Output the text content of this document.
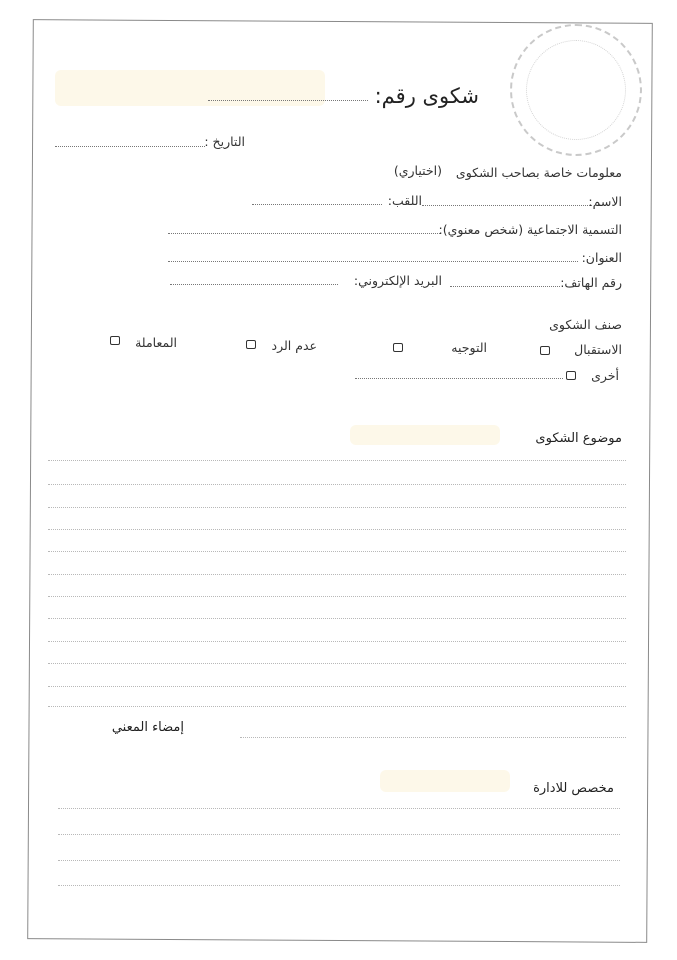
شكوى رقم:
التاريخ :
معلومات خاصة بصاحب الشكوى
(اختياري)
الاسم:
اللقب:
التسمية الاجتماعية (شخص معنوي):
العنوان:
رقم الهاتف:
البريد الإلكتروني:
صنف الشكوى
الاستقبال
التوجيه
عدم الرد
المعاملة
أخرى
موضوع الشكوى
إمضاء المعني
مخصص للادارة
